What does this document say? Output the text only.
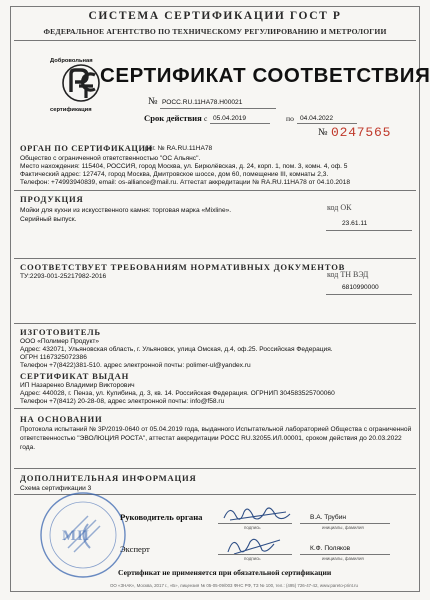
СИСТЕМА СЕРТИФИКАЦИИ ГОСТ Р
ФЕДЕРАЛЬНОЕ АГЕНТСТВО ПО ТЕХНИЧЕСКОМУ РЕГУЛИРОВАНИЮ И МЕТРОЛОГИИ
Добровольная
сертификация
СЕРТИФИКАТ СООТВЕТСТВИЯ
№ РОСС.RU.11НА78.Н00021
Срок действия с 05.04.2019	по 04.04.2022
№ 0247565
ОРГАН ПО СЕРТИФИКАЦИИ
рег. № RA.RU.11HA78
Общество с ограниченной ответственностью "ОС Альянс".
Место нахождения: 115404, РОССИЯ, город Москва, ул. Бирюлёвская, д. 24, корп. 1, пом. 3, комн. 4, оф. 5
Фактический адрес: 127474, город Москва, Дмитровское шоссе, дом 60, помещение III, комнаты 2,3.
Телефон: +74993940839, email: os-alliance@mail.ru. Аттестат аккредитации № RA.RU.11HA78 от 04.10.2018
ПРОДУКЦИЯ
Мойки для кухни из искусственного камня: торговая марка «Mixline».
Серийный выпуск.
код ОК
23.61.11
СООТВЕТСТВУЕТ ТРЕБОВАНИЯМ НОРМАТИВНЫХ ДОКУМЕНТОВ
ТУ:2293-001-25217982-2016	код ТН ВЭД
6810990000
ИЗГОТОВИТЕЛЬ
ООО «Полимер Продукт»
Адрес: 432071, Ульяновская область, г. Ульяновск, улица Омская, д.4, оф.25. Российская Федерация.
ОГРН 1167325072386
Телефон +7(8422)381-510. адрес электронной почты: polimer-ul@yandex.ru
СЕРТИФИКАТ ВЫДАН
ИП Назаренко Владимир Викторович
Адрес: 440028, г. Пенза, ул. Кулибина, д. 3, кв. 14. Российская Федерация. ОГРНИП 304583525700060
Телефон +7(8412) 20-28-08, адрес электронной почты: info@f58.ru
НА ОСНОВАНИИ
Протокола испытаний № 3Р/2019-0640 от 05.04.2019 года, выданного Испытательной лабораторией Общества с ограниченной ответственностью "ЭВОЛЮЦИЯ РОСТА", аттестат аккредитации РОСС RU.32055.ИЛ.00001, сроком действия до 20.03.2022 года.
ДОПОЛНИТЕЛЬНАЯ ИНФОРМАЦИЯ
Схема сертификации 3
МП
Руководитель органа
подпись
В.А. Трубин
инициалы, фамилия
Эксперт
подпись
К.Ф. Поляков
инициалы, фамилия
Сертификат не применяется при обязательной сертификации
ОО «ЗНАК», Москва, 2017 г., «Б», лицензия № 05-05-09/003 ФНС РФ, ТЗ № 100, тел.: (495) 726-47-42, www.pareto-print.ru
